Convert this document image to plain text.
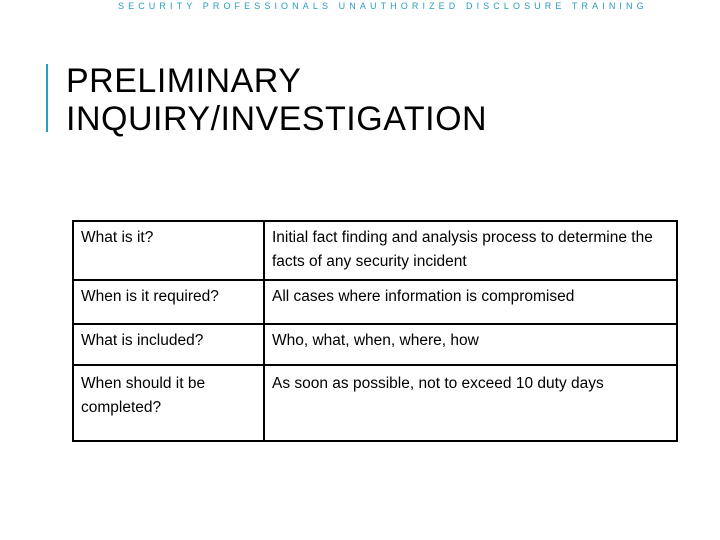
SECURITY PROFESSIONALS UNAUTHORIZED DISCLOSURE TRAINING
PRELIMINARY
INQUIRY/INVESTIGATION
What is it?	Initial fact finding and analysis process to determine the facts of any security incident
When is it required?	All cases where information is compromised
What is included?	Who, what, when, where, how
When should it be completed?	As soon as possible, not to exceed 10 duty days
